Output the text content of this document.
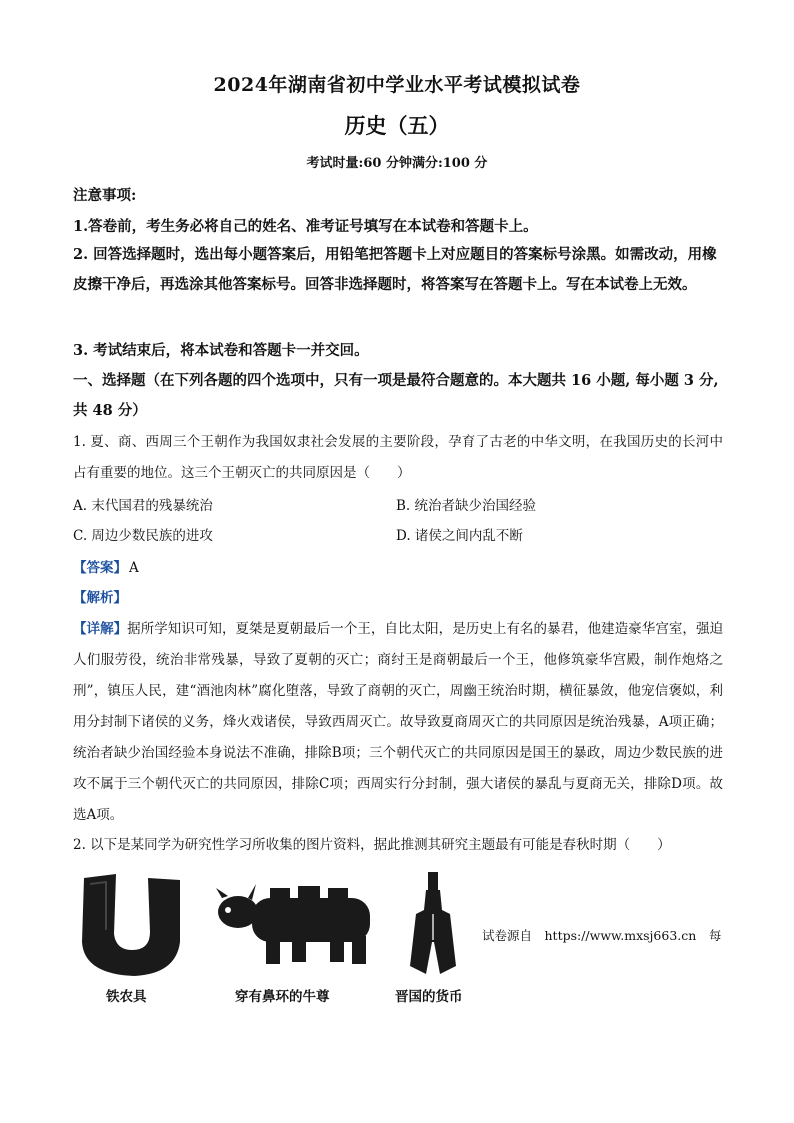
2024年湖南省初中学业水平考试模拟试卷
历史（五）
考试时量:60 分钟满分:100 分
注意事项:
1.答卷前，考生务必将自己的姓名、准考证号填写在本试卷和答题卡上。
2. 回答选择题时，选出每小题答案后，用铅笔把答题卡上对应题目的答案标号涂黑。如需改动，用橡皮擦干净后，再选涂其他答案标号。回答非选择题时，将答案写在答题卡上。写在本试卷上无效。
3. 考试结束后，将本试卷和答题卡一并交回。
一、选择题（在下列各题的四个选项中，只有一项是最符合题意的。本大题共 16 小题, 每小题 3 分,共 48 分）
1. 夏、商、西周三个王朝作为我国奴隶社会发展的主要阶段，孕育了古老的中华文明，在我国历史的长河中占有重要的地位。这三个王朝灭亡的共同原因是（　　）
A. 末代国君的残暴统治	B. 统治者缺少治国经验
C. 周边少数民族的进攻	D. 诸侯之间内乱不断
【答案】 A
【解析】
【详解】据所学知识可知，夏桀是夏朝最后一个王，自比太阳，是历史上有名的暴君，他建造豪华宫室，强迫人们服劳役，统治非常残暴，导致了夏朝的灭亡；商纣王是商朝最后一个王，他修筑豪华宫殿，制作炮烙之刑”，镇压人民，建“酒池肉林”腐化堕落，导致了商朝的灭亡，周幽王统治时期，横征暴敛，他宠信褒姒，利用分封制下诸侯的义务，烽火戏诸侯，导致西周灭亡。故导致夏商周灭亡的共同原因是统治残暴，A项正确；统治者缺少治国经验本身说法不准确，排除B项；三个朝代灭亡的共同原因是国王的暴政，周边少数民族的进攻不属于三个朝代灭亡的共同原因，排除C项；西周实行分封制，强大诸侯的暴乱与夏商无关，排除D项。故选A项。
2. 以下是某同学为研究性学习所收集的图片资料，据此推测其研究主题最有可能是春秋时期（　　）
铁农具	穿有鼻环的牛尊	晋国的货币
试卷源自　https://www.mxsj663.cn　每
